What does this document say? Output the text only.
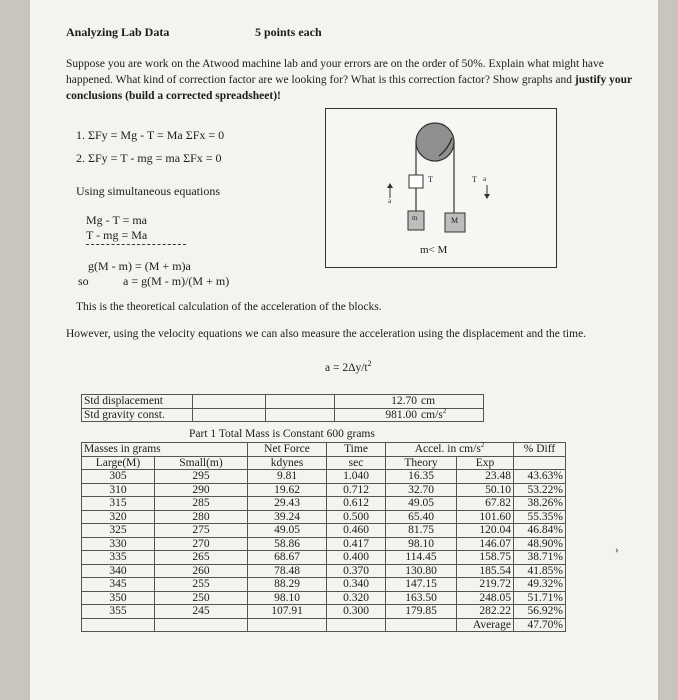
Analyzing Lab Data	5 points each
Suppose you are work on the Atwood machine lab and your errors are on the order of 50%. Explain what might have happened. What kind of correction factor are we looking for? What is this correction factor? Show graphs and justify your conclusions (build a corrected spreadsheet)!
1. ΣFy = Mg - T = Ma ΣFx = 0
2. ΣFy = T - mg = ma ΣFx = 0
Using simultaneous equations
Mg - T = ma
T - mg = Ma
g(M - m) = (M + m)a
so	a = g(M - m)/(M + m)
This is the theoretical calculation of the acceleration of the blocks.
However, using the velocity equations we can also measure the acceleration using the displacement and the time.
$a = 2\Delta y/t^2$
T	T a
a
m	M
m< M
Std displacement			12.70	cm
Std gravity const.			981.00	$cm/s^2$
Part 1 Total Mass is Constant 600 grams
Masses in grams		Net Force	Time	Accel. in $cm/s^2$		% Diff
Large(M)	Small(m)	kdynes	sec	Theory	Exp	
305	295	9.81	1.040	16.35	23.48	43.63%
310	290	19.62	0.712	32.70	50.10	53.22%
315	285	29.43	0.612	49.05	67.82	38.26%
320	280	39.24	0.500	65.40	101.60	55.35%
325	275	49.05	0.460	81.75	120.04	46.84%
330	270	58.86	0.417	98.10	146.07	48.90%
335	265	68.67	0.400	114.45	158.75	38.71%
340	260	78.48	0.370	130.80	185.54	41.85%
345	255	88.29	0.340	147.15	219.72	49.32%
350	250	98.10	0.320	163.50	248.05	51.71%
355	245	107.91	0.300	179.85	282.22	56.92%
					Average	47.70%
›
